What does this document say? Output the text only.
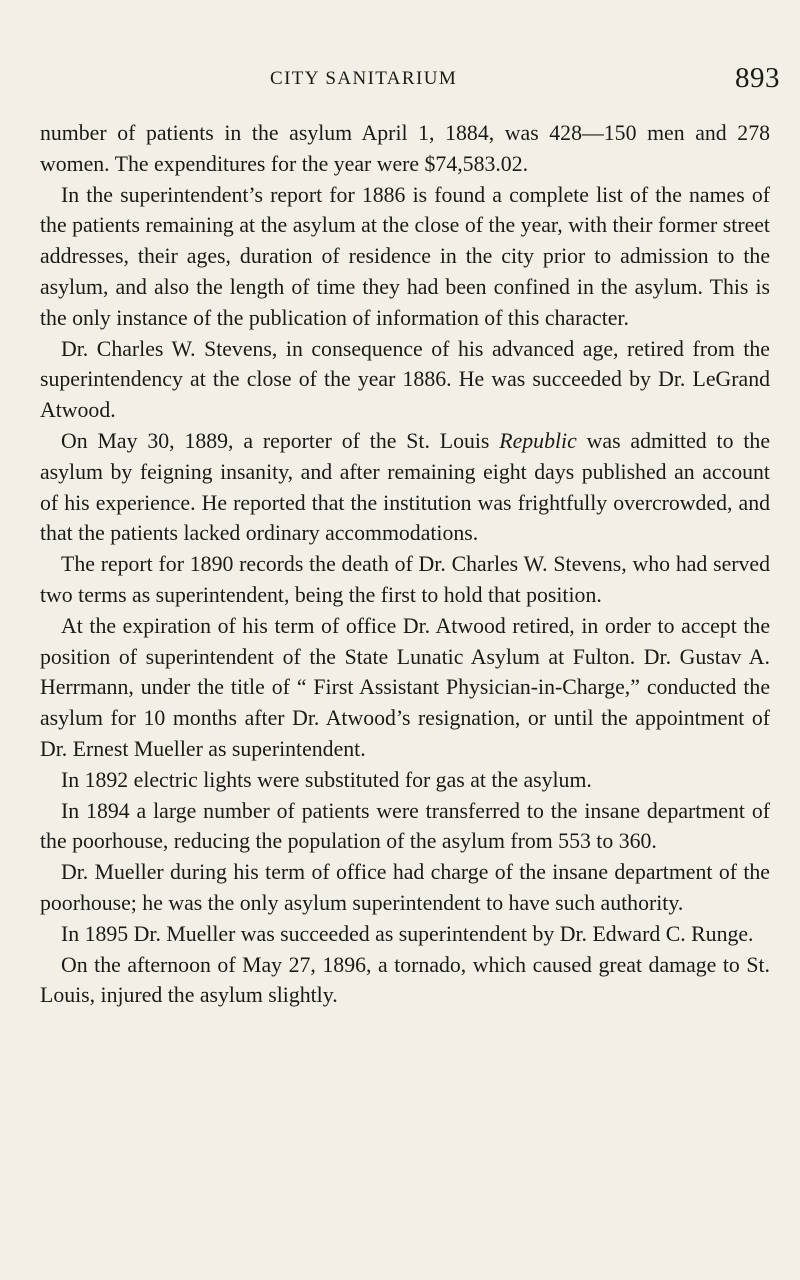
CITY SANITARIUM	893

number of patients in the asylum April 1, 1884, was 428—150 men and 278 women. The expenditures for the year were $74,583.02.

In the superintendent’s report for 1886 is found a complete list of the names of the patients remaining at the asylum at the close of the year, with their former street addresses, their ages, duration of residence in the city prior to admission to the asylum, and also the length of time they had been confined in the asylum. This is the only instance of the publication of information of this character.

Dr. Charles W. Stevens, in consequence of his advanced age, retired from the superintendency at the close of the year 1886. He was succeeded by Dr. LeGrand Atwood.

On May 30, 1889, a reporter of the St. Louis Republic was admitted to the asylum by feigning insanity, and after remaining eight days published an account of his experience. He reported that the institution was frightfully overcrowded, and that the patients lacked ordinary accommodations.

The report for 1890 records the death of Dr. Charles W. Stevens, who had served two terms as superintendent, being the first to hold that position.

At the expiration of his term of office Dr. Atwood retired, in order to accept the position of superintendent of the State Lunatic Asylum at Fulton. Dr. Gustav A. Herrmann, under the title of “ First Assistant Physician-in-Charge,” conducted the asylum for 10 months after Dr. Atwood’s resignation, or until the appointment of Dr. Ernest Mueller as superintendent.

In 1892 electric lights were substituted for gas at the asylum.

In 1894 a large number of patients were transferred to the insane department of the poorhouse, reducing the population of the asylum from 553 to 360.

Dr. Mueller during his term of office had charge of the insane department of the poorhouse; he was the only asylum superintendent to have such authority.

In 1895 Dr. Mueller was succeeded as superintendent by Dr. Edward C. Runge.

On the afternoon of May 27, 1896, a tornado, which caused great damage to St. Louis, injured the asylum slightly.
